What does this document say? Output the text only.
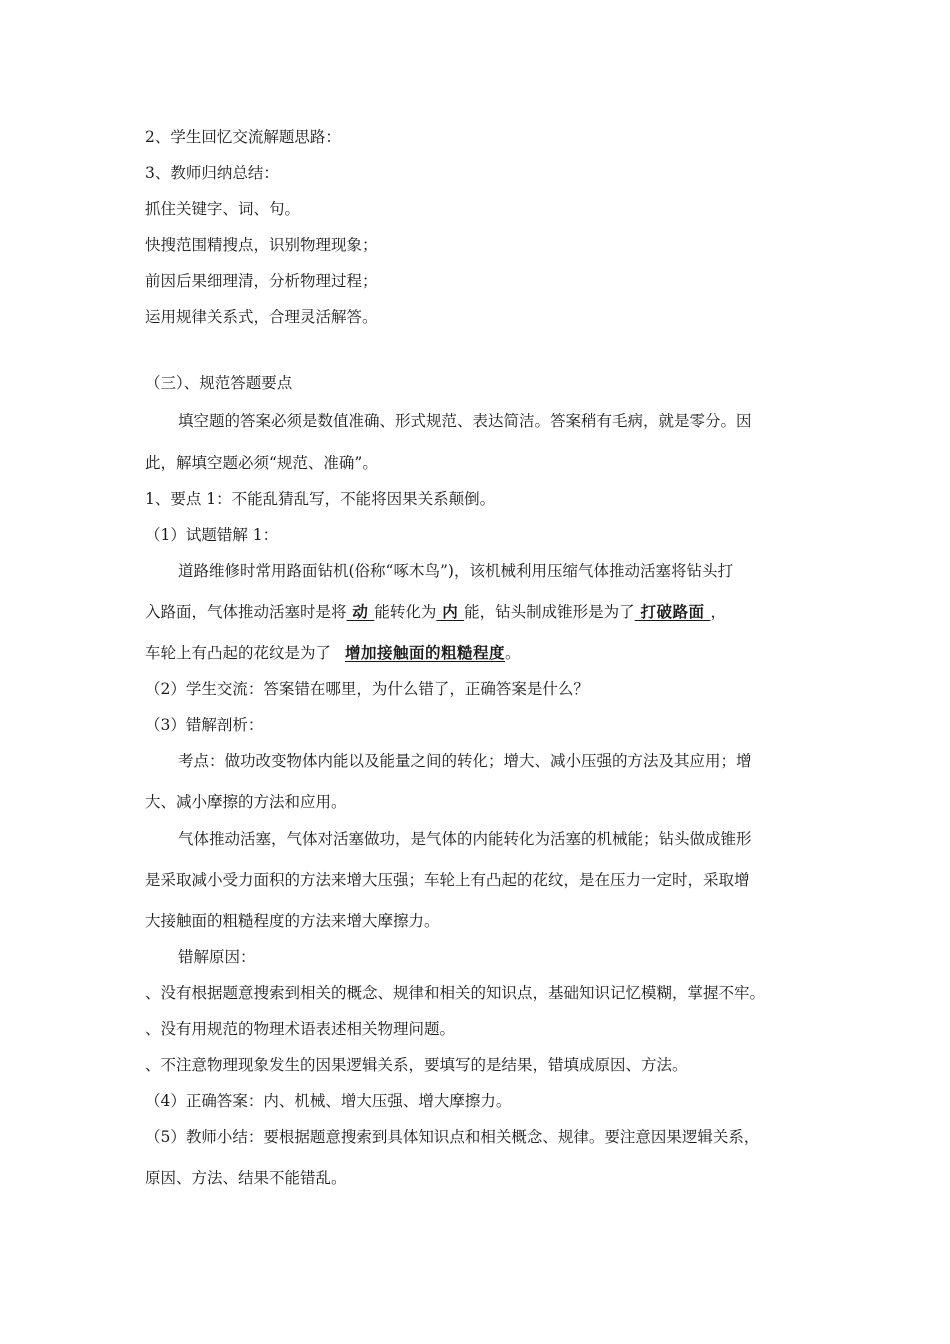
2、学生回忆交流解题思路：

3、教师归纳总结：

抓住关键字、词、句。

快搜范围精搜点，识别物理现象；

前因后果细理清，分析物理过程；

运用规律关系式，合理灵活解答。

（三）、规范答题要点

填空题的答案必须是数值准确、形式规范、表达简洁。答案稍有毛病，就是零分。因

此，解填空题必须“规范、准确”。

1、要点 1：不能乱猜乱写，不能将因果关系颠倒。

（1）试题错解 1：

道路维修时常用路面钻机(俗称“啄木鸟”)，该机械利用压缩气体推动活塞将钻头打

入路面，气体推动活塞时是将 动 能转化为 内 能，钻头制成锥形是为了 打破路面 ，

车轮上有凸起的花纹是为了 增加接触面的粗糙程度。

（2）学生交流：答案错在哪里，为什么错了，正确答案是什么？

（3）错解剖析：

考点：做功改变物体内能以及能量之间的转化；增大、减小压强的方法及其应用；增

大、减小摩擦的方法和应用。

气体推动活塞，气体对活塞做功，是气体的内能转化为活塞的机械能；钻头做成锥形

是采取减小受力面积的方法来增大压强；车轮上有凸起的花纹，是在压力一定时，采取增

大接触面的粗糙程度的方法来增大摩擦力。

错解原因：

、没有根据题意搜索到相关的概念、规律和相关的知识点，基础知识记忆模糊，掌握不牢。

、没有用规范的物理术语表述相关物理问题。

、不注意物理现象发生的因果逻辑关系，要填写的是结果，错填成原因、方法。

（4）正确答案：内、机械、增大压强、增大摩擦力。

（5）教师小结：要根据题意搜索到具体知识点和相关概念、规律。要注意因果逻辑关系，

原因、方法、结果不能错乱。
